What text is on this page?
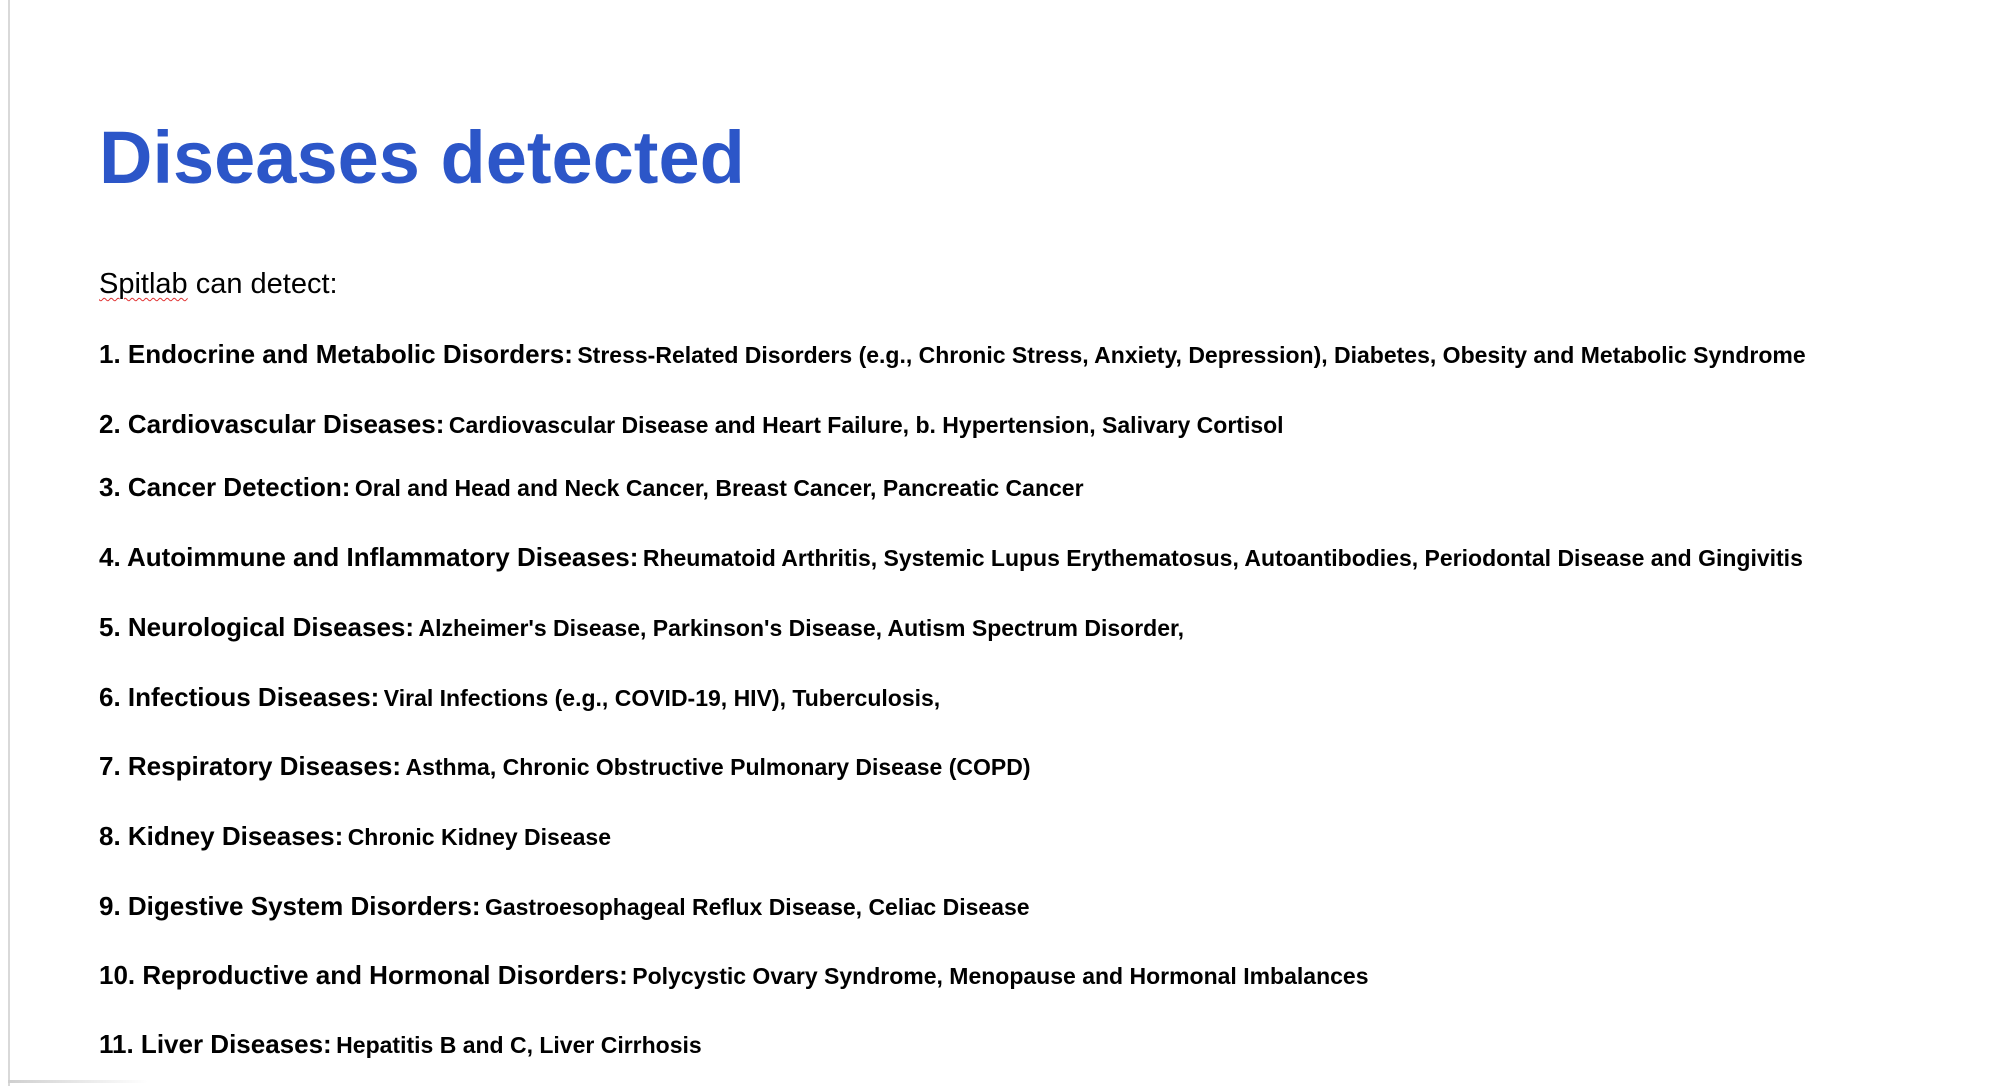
Diseases detected
Spitlab can detect:
1. Endocrine and Metabolic Disorders: Stress-Related Disorders (e.g., Chronic Stress, Anxiety, Depression), Diabetes, Obesity and Metabolic Syndrome
2. Cardiovascular Diseases: Cardiovascular Disease and Heart Failure, b. Hypertension, Salivary Cortisol
3. Cancer Detection: Oral and Head and Neck Cancer, Breast Cancer, Pancreatic Cancer
4. Autoimmune and Inflammatory Diseases: Rheumatoid Arthritis, Systemic Lupus Erythematosus, Autoantibodies, Periodontal Disease and Gingivitis
5. Neurological Diseases: Alzheimer's Disease, Parkinson's Disease, Autism Spectrum Disorder,
6. Infectious Diseases: Viral Infections (e.g., COVID-19, HIV), Tuberculosis,
7. Respiratory Diseases: Asthma, Chronic Obstructive Pulmonary Disease (COPD)
8. Kidney Diseases: Chronic Kidney Disease
9. Digestive System Disorders: Gastroesophageal Reflux Disease, Celiac Disease
10. Reproductive and Hormonal Disorders: Polycystic Ovary Syndrome, Menopause and Hormonal Imbalances
11. Liver Diseases: Hepatitis B and C, Liver Cirrhosis
